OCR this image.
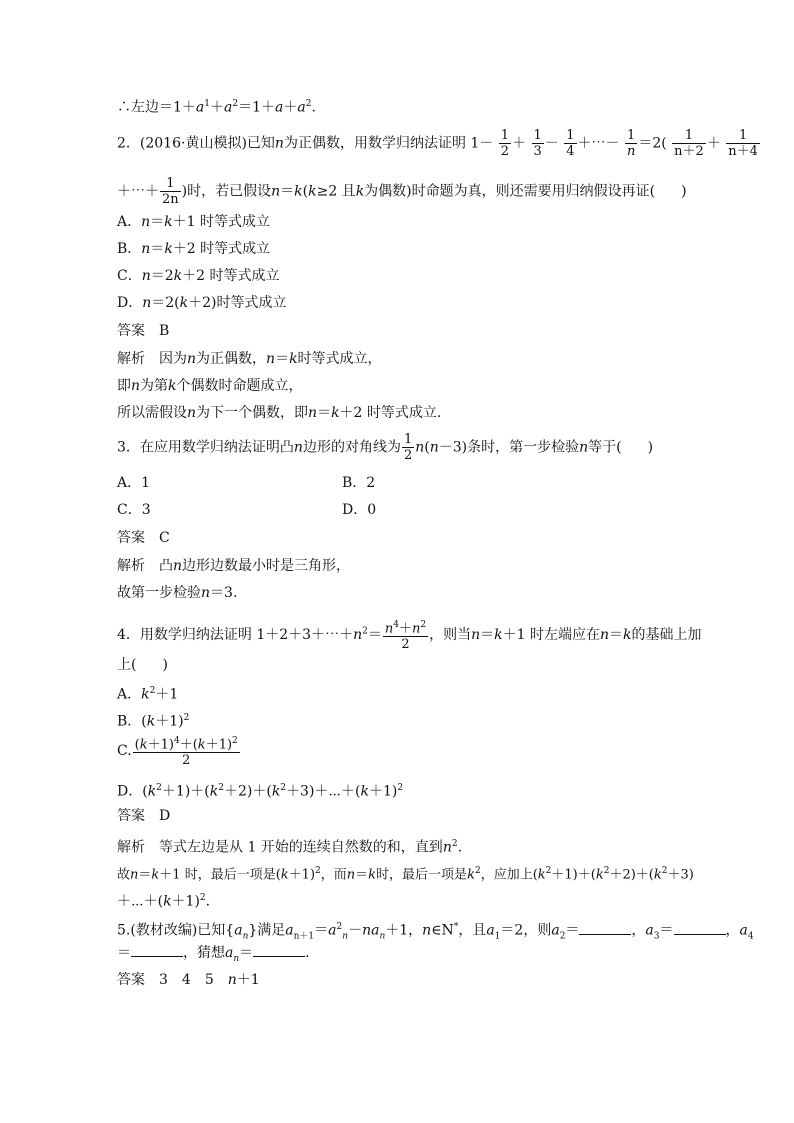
∴左边$=1+a^1+a^2=1+a+a^2$.
2．(2016·黄山模拟)已知n为正偶数，用数学归纳法证明 $1- \frac{1}{2} + \frac{1}{3} - \frac{1}{4}$ ＋⋯－ $\frac{1}{n} =2( \frac{1}{n+2} + \frac{1}{n+4}$
＋⋯＋ $\frac{1}{2n}$ )时，若已假设n＝k(k≥2 且k为偶数)时命题为真，则还需要用归纳假设再证( )
A．n＝k＋1 时等式成立
B．n＝k＋2 时等式成立
C．n＝2k＋2 时等式成立
D．n＝2(k＋2)时等式成立
答案　B
解析　因为n为正偶数，n＝k时等式成立，
即n为第k个偶数时命题成立，
所以需假设n为下一个偶数，即n＝k＋2 时等式成立.
3．在应用数学归纳法证明凸n边形的对角线为 $\frac{1}{2} n(n-3)$条时，第一步检验n等于( )
A．1	B．2
C．3	D．0
答案　C
解析　凸n边形边数最小时是三角形，
故第一步检验n＝3.
4．用数学归纳法证明 $1+2+3+\cdots+n^2= \frac{n^4+n^2}{2}$ ，则当n＝k＋1 时左端应在n＝k的基础上加
上( )
A．$k^2+1$
B．$(k+1)^2$
C. $\frac{(k+1)^4+(k+1)^2}{2}$
D．$(k^2+1)+(k^2+2)+(k^2+3)+\cdots+(k+1)^2$
答案　D
解析　等式左边是从 1 开始的连续自然数的和，直到$n^2$.
故n＝k＋1 时，最后一项是$(k+1)^2$，而n＝k时，最后一项是$k^2$，应加上$(k^2+1)+(k^2+2)+(k^2+3)$
$+\cdots+(k+1)^2$.
5.(教材改编)已知$\{a_n\}$满足$a_{n+1}=a^2_n-na_n+1$，n∈N*，且$a_1=2$，则$a_2=$	，$a_3=$	，$a_4$
＝	，猜想$a_n=$	.
答案　3　4　5　n＋1
